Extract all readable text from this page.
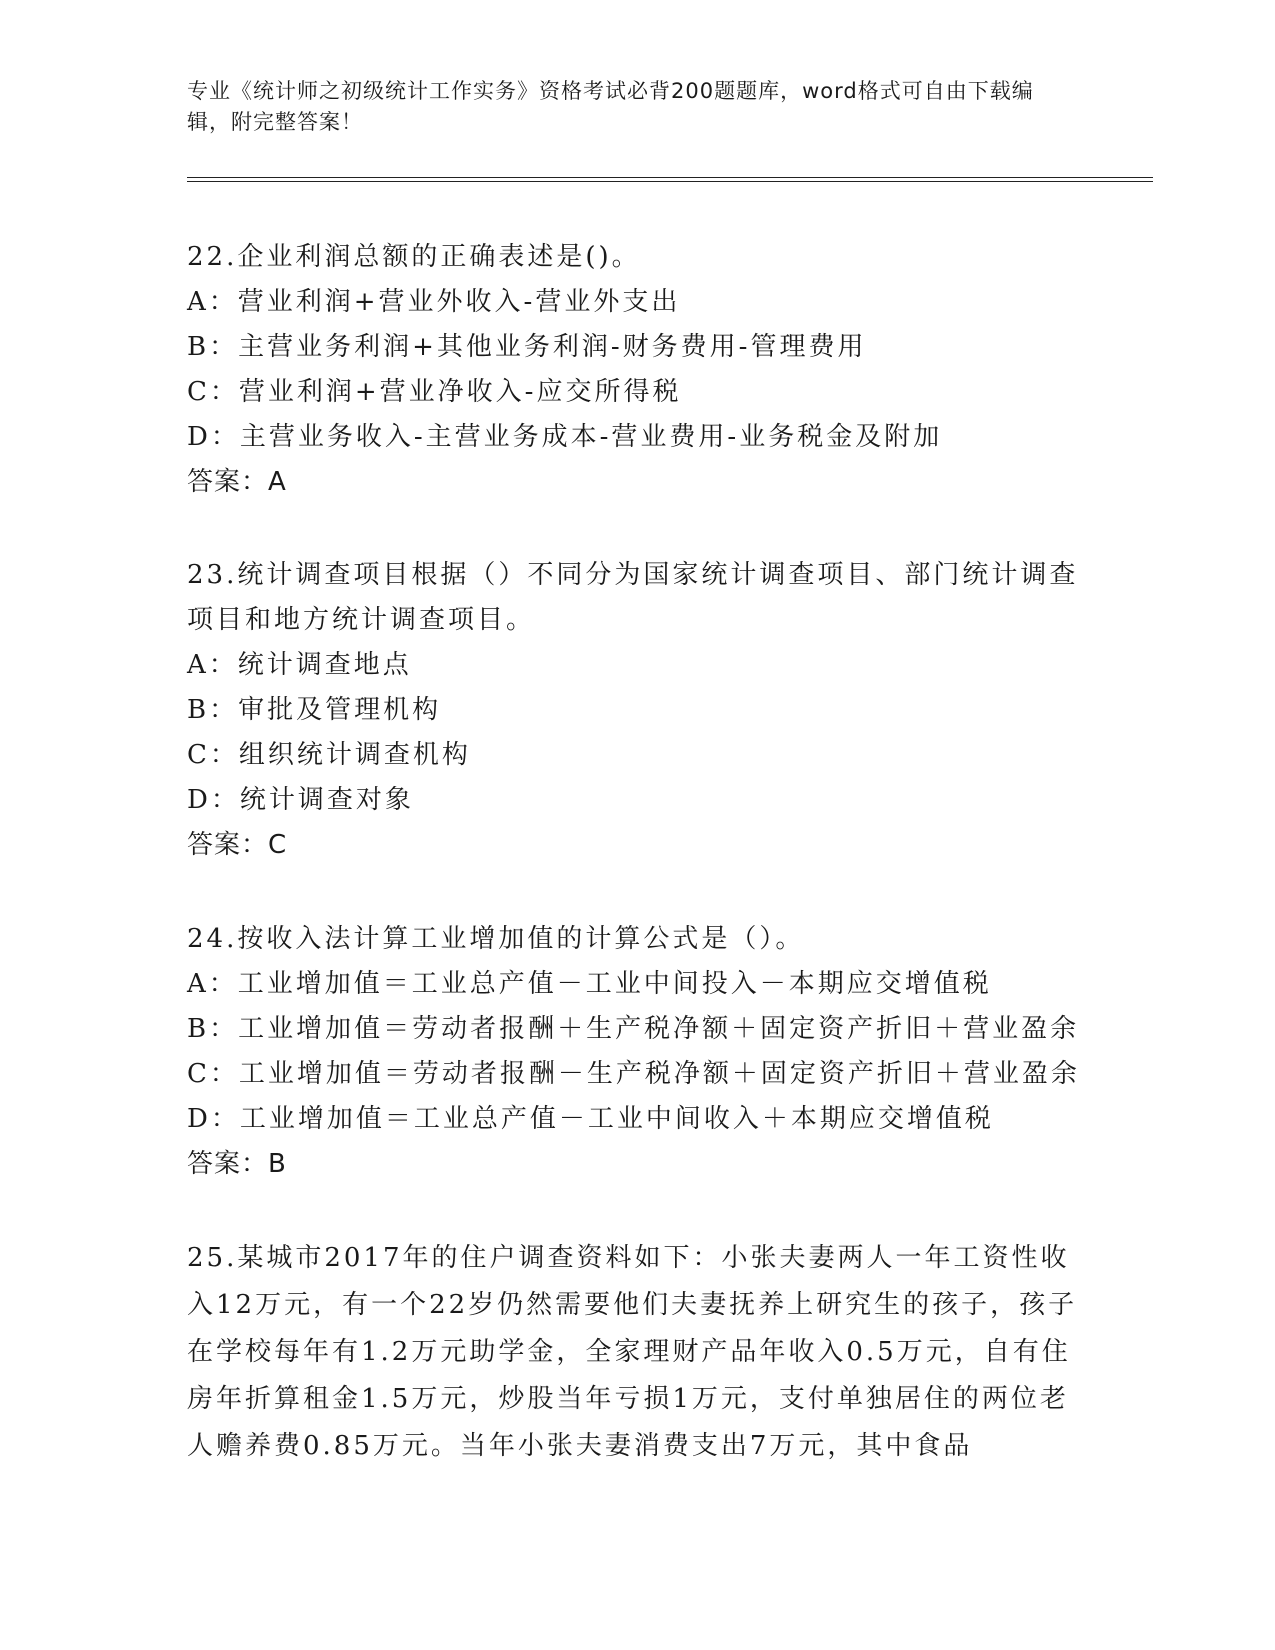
专业《统计师之初级统计工作实务》资格考试必背200题题库，word格式可自由下载编辑，附完整答案！
22.企业利润总额的正确表述是()。
A：营业利润+营业外收入-营业外支出
B：主营业务利润+其他业务利润-财务费用-管理费用
C：营业利润+营业净收入-应交所得税
D：主营业务收入-主营业务成本-营业费用-业务税金及附加
答案：A
23.统计调查项目根据（）不同分为国家统计调查项目、部门统计调查项目和地方统计调查项目。
A：统计调查地点
B：审批及管理机构
C：组织统计调查机构
D：统计调查对象
答案：C
24.按收入法计算工业增加值的计算公式是（）。
A：工业增加值＝工业总产值－工业中间投入－本期应交增值税
B：工业增加值＝劳动者报酬＋生产税净额＋固定资产折旧＋营业盈余
C：工业增加值＝劳动者报酬－生产税净额＋固定资产折旧＋营业盈余
D：工业增加值＝工业总产值－工业中间收入＋本期应交增值税
答案：B
25.某城市2017年的住户调查资料如下：小张夫妻两人一年工资性收入12万元，有一个22岁仍然需要他们夫妻抚养上研究生的孩子，孩子在学校每年有1.2万元助学金，全家理财产品年收入0.5万元，自有住房年折算租金1.5万元，炒股当年亏损1万元，支付单独居住的两位老人赡养费0.85万元。当年小张夫妻消费支出7万元，其中食品
